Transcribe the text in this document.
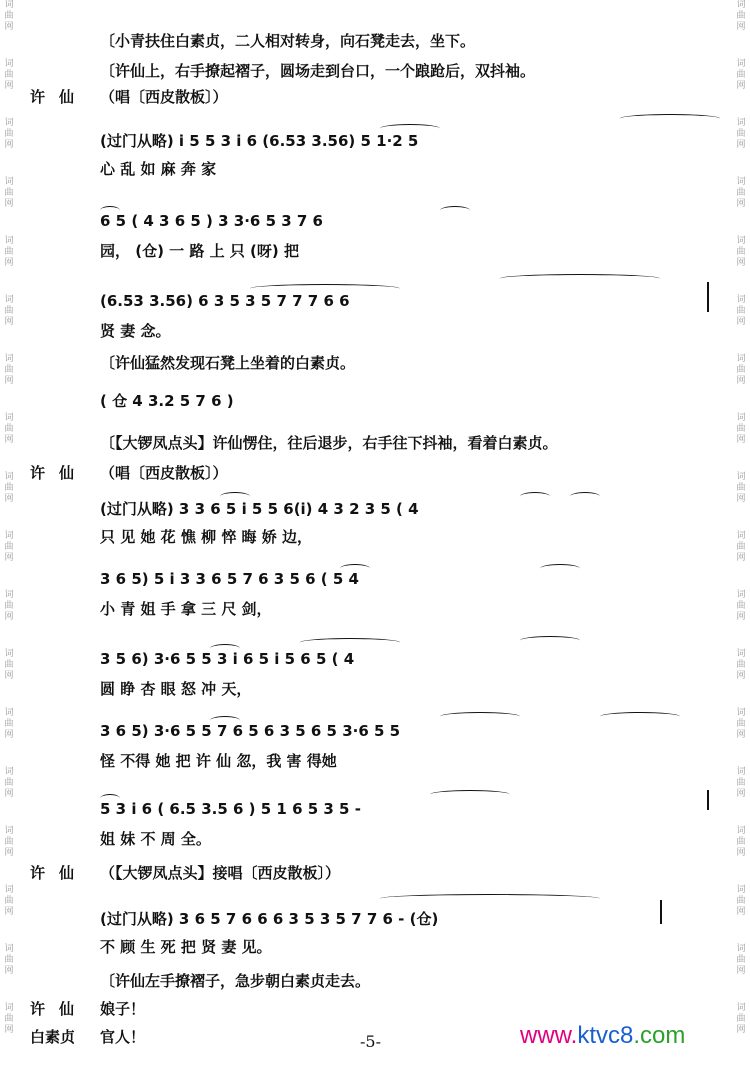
词曲网
词曲网
词曲网
词曲网
词曲网
词曲网
词曲网
词曲网
词曲网
词曲网
词曲网
词曲网
词曲网
词曲网
词曲网
词曲网
词曲网
词曲网
词曲网
词曲网
词曲网
词曲网
词曲网
词曲网
词曲网
词曲网
词曲网
词曲网
词曲网
词曲网
词曲网
词曲网
词曲网
词曲网
词曲网
词曲网
〔小青扶住白素贞，二人相对转身，向石凳走去，坐下。
〔许仙上，右手撩起褶子，圆场走到台口，一个踉跄后，双抖袖。
许仙 （唱〔西皮散板〕）
(过门从略) i 5 5 3 i 6 (6.53 3.56) 5 1·2 5
心 乱 如 麻 奔 家
6 5 ( 4 3 6 5 ) 3 3·6 5 3 7 6
园， (仓) 一 路 上 只 (呀) 把
(6.53 3.56) 6 3 5 3 5 7 7 7 6 6
贤 妻 念。
〔许仙猛然发现石凳上坐着的白素贞。
( 仓 4 3.2 5 7 6 )
〔【大锣凤点头】许仙愣住，往后退步，右手往下抖袖，看着白素贞。
许仙 （唱〔西皮散板〕）
(过门从略) 3 3 6 5 i 5 5 6(i) 4 3 2 3 5 ( 4
只 见 她 花 憔 柳 悴 晦 娇 边，
3 6 5) 5 i 3 3 6 5 7 6 3 5 6 ( 5 4
小 青 姐 手 拿 三 尺 剑，
3 5 6) 3·6 5 5 3 i 6 5 i 5 6 5 ( 4
圆 睁 杏 眼 怒 冲 天，
3 6 5) 3·6 5 5 7 6 5 6 3 5 6 5 3·6 5 5
怪 不得 她 把 许 仙 忽，我 害 得她
5 3 i 6 ( 6.5 3.5 6 ) 5 1 6 5 3 5 -
姐 妹 不 周 全。
许仙 （【大锣凤点头】接唱〔西皮散板〕）
(过门从略) 3 6 5 7 6 6 6 3 5 3 5 7 7 6 - (仓)
不 顾 生 死 把 贤 妻 见。
〔许仙左手撩褶子，急步朝白素贞走去。
许仙 娘子！
白素贞 官人！	-5-	www.ktvc8.com
